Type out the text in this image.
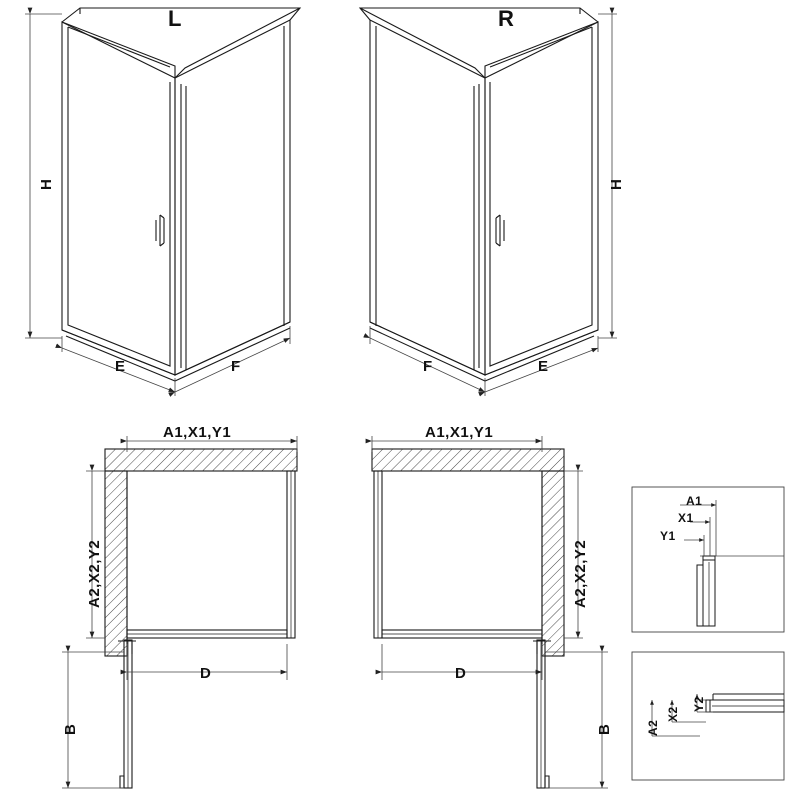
L	R
H
E	F
H
F	E
A1,X1,Y1
A2,X2,Y2
D
B
A1,X1,Y1
A2,X2,Y2
D
B
A1
X1
Y1
A2
X2
Y2
